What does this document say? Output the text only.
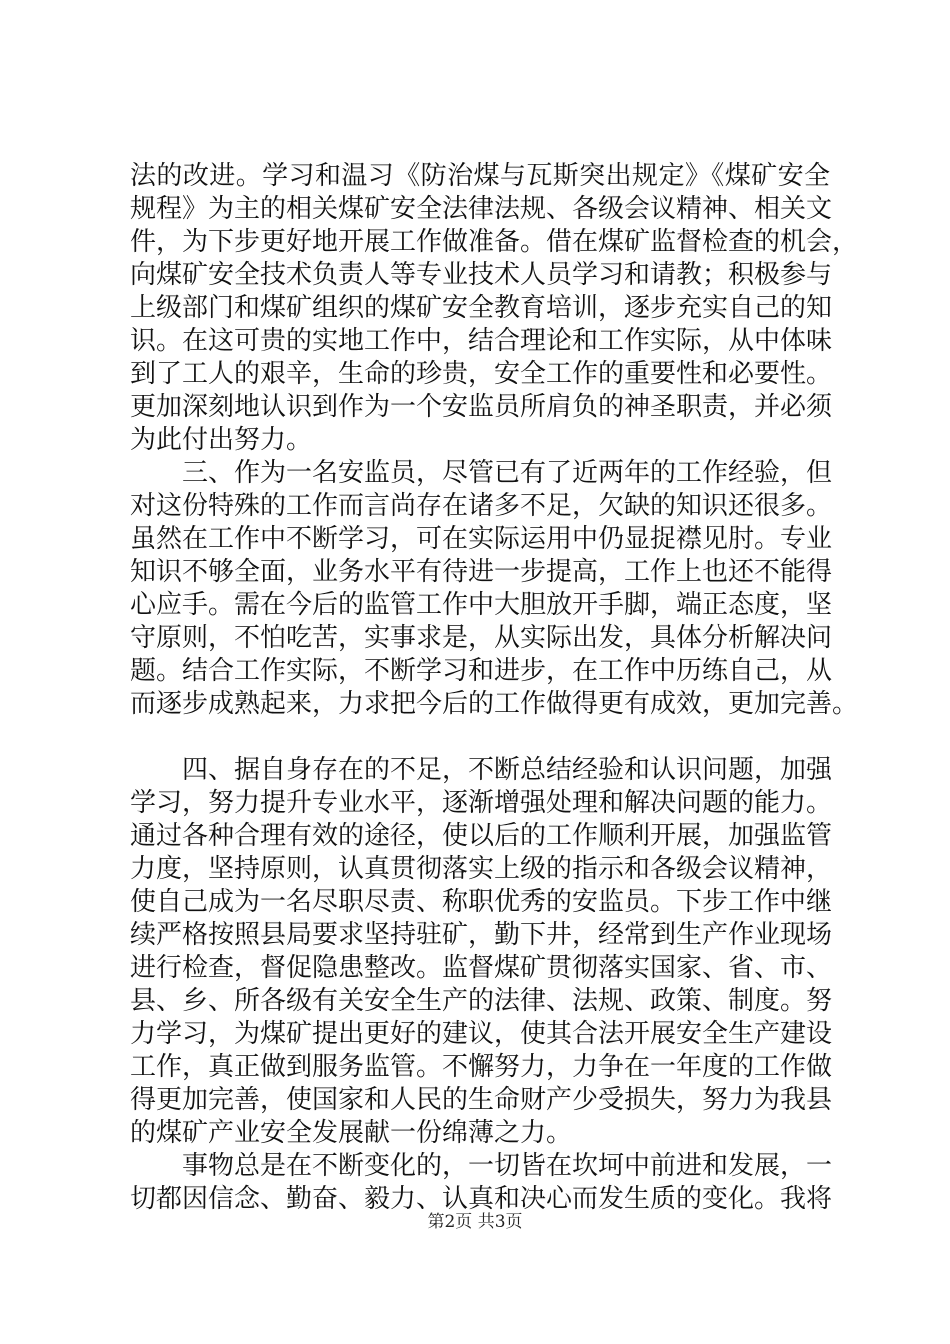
法的改进。学习和温习《防治煤与瓦斯突出规定》《煤矿安全
规程》为主的相关煤矿安全法律法规、各级会议精神、相关文
件，为下步更好地开展工作做准备。借在煤矿监督检查的机会，
向煤矿安全技术负责人等专业技术人员学习和请教；积极参与
上级部门和煤矿组织的煤矿安全教育培训，逐步充实自己的知
识。在这可贵的实地工作中，结合理论和工作实际，从中体味
到了工人的艰辛，生命的珍贵，安全工作的重要性和必要性。
更加深刻地认识到作为一个安监员所肩负的神圣职责，并必须
为此付出努力。
　　三、作为一名安监员，尽管已有了近两年的工作经验，但
对这份特殊的工作而言尚存在诸多不足，欠缺的知识还很多。
虽然在工作中不断学习，可在实际运用中仍显捉襟见肘。专业
知识不够全面，业务水平有待进一步提高，工作上也还不能得
心应手。需在今后的监管工作中大胆放开手脚，端正态度，坚
守原则，不怕吃苦，实事求是，从实际出发，具体分析解决问
题。结合工作实际，不断学习和进步，在工作中历练自己，从
而逐步成熟起来，力求把今后的工作做得更有成效，更加完善。
　　四、据自身存在的不足，不断总结经验和认识问题，加强
学习，努力提升专业水平，逐渐增强处理和解决问题的能力。
通过各种合理有效的途径，使以后的工作顺利开展，加强监管
力度，坚持原则，认真贯彻落实上级的指示和各级会议精神，
使自己成为一名尽职尽责、称职优秀的安监员。下步工作中继
续严格按照县局要求坚持驻矿，勤下井，经常到生产作业现场
进行检查，督促隐患整改。监督煤矿贯彻落实国家、省、市、
县、乡、所各级有关安全生产的法律、法规、政策、制度。努
力学习，为煤矿提出更好的建议，使其合法开展安全生产建设
工作，真正做到服务监管。不懈努力，力争在一年度的工作做
得更加完善，使国家和人民的生命财产少受损失，努力为我县
的煤矿产业安全发展献一份绵薄之力。
　　事物总是在不断变化的，一切皆在坎坷中前进和发展，一
切都因信念、勤奋、毅力、认真和决心而发生质的变化。我将
第2页 共3页
